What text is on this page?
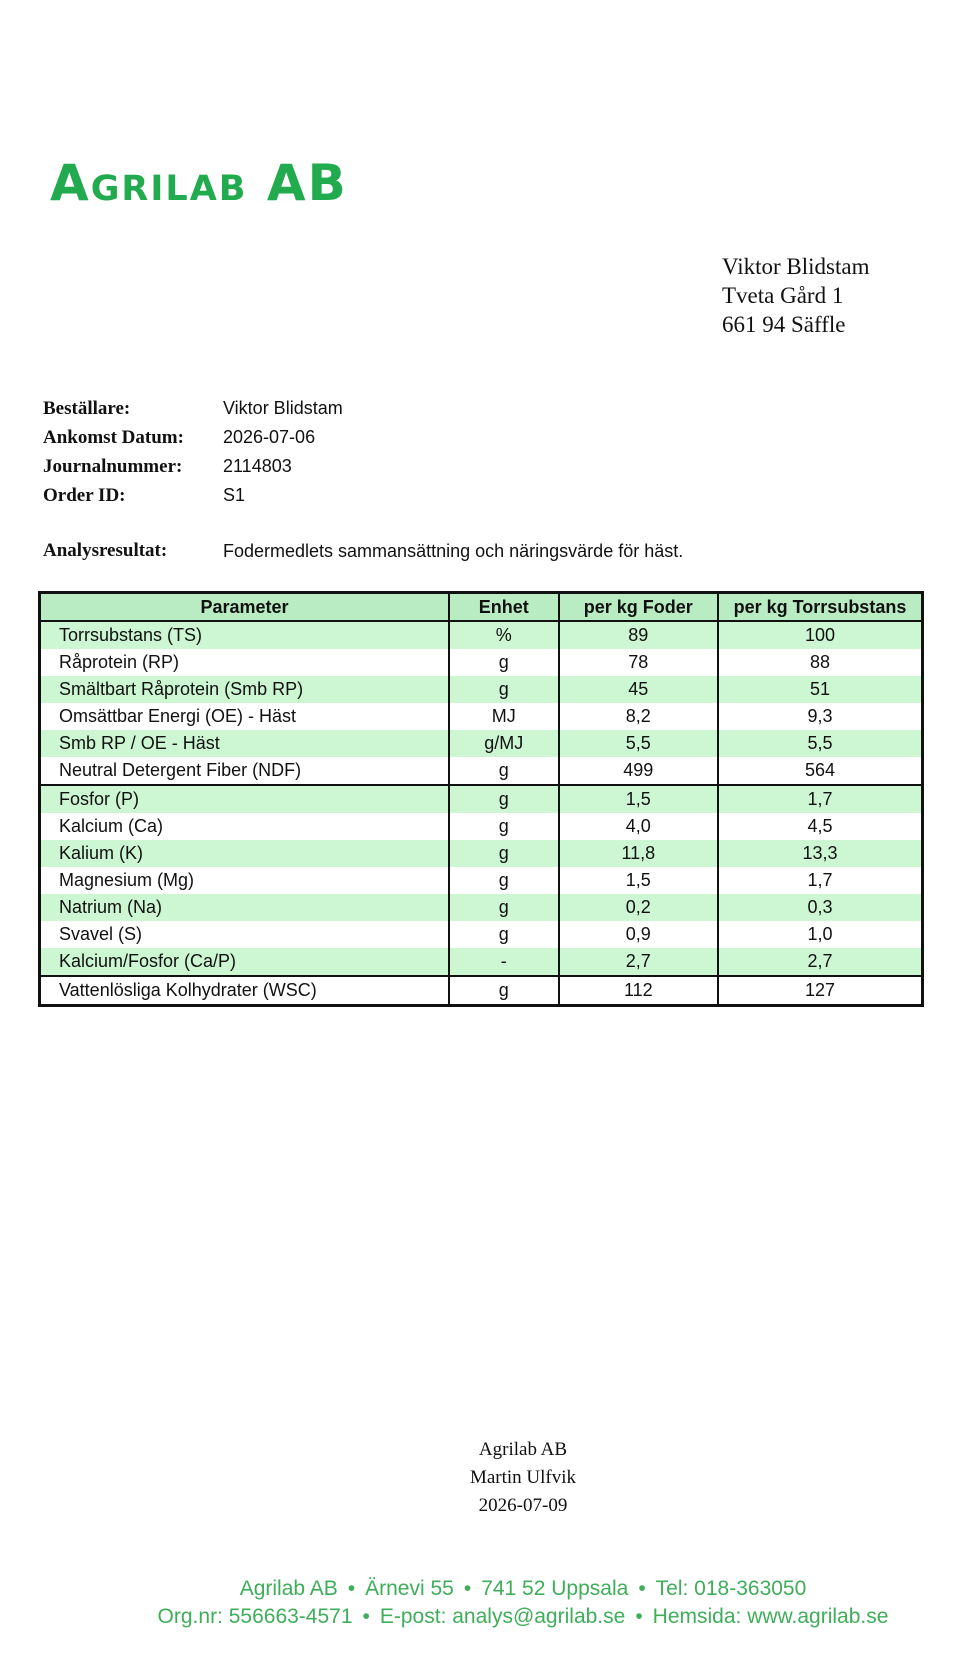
Agrilab AB
Viktor Blidstam
Tveta Gård 1
661 94 Säffle
Beställare:	Viktor Blidstam
Ankomst Datum:	2026-07-06
Journalnummer:	2114803
Order ID:	S1
Analysresultat:	Fodermedlets sammansättning och näringsvärde för häst.
Parameter	Enhet	per kg Foder	per kg Torrsubstans
Torrsubstans (TS)	%	89	100
Råprotein (RP)	g	78	88
Smältbart Råprotein (Smb RP)	g	45	51
Omsättbar Energi (OE) - Häst	MJ	8,2	9,3
Smb RP / OE - Häst	g/MJ	5,5	5,5
Neutral Detergent Fiber (NDF)	g	499	564
Fosfor (P)	g	1,5	1,7
Kalcium (Ca)	g	4,0	4,5
Kalium (K)	g	11,8	13,3
Magnesium (Mg)	g	1,5	1,7
Natrium (Na)	g	0,2	0,3
Svavel (S)	g	0,9	1,0
Kalcium/Fosfor (Ca/P)	-	2,7	2,7
Vattenlösliga Kolhydrater (WSC)	g	112	127
Agrilab AB
Martin Ulfvik
2026-07-09
Agrilab AB • Ärnevi 55 • 741 52 Uppsala • Tel: 018-363050
Org.nr: 556663-4571 • E-post: analys@agrilab.se • Hemsida: www.agrilab.se
